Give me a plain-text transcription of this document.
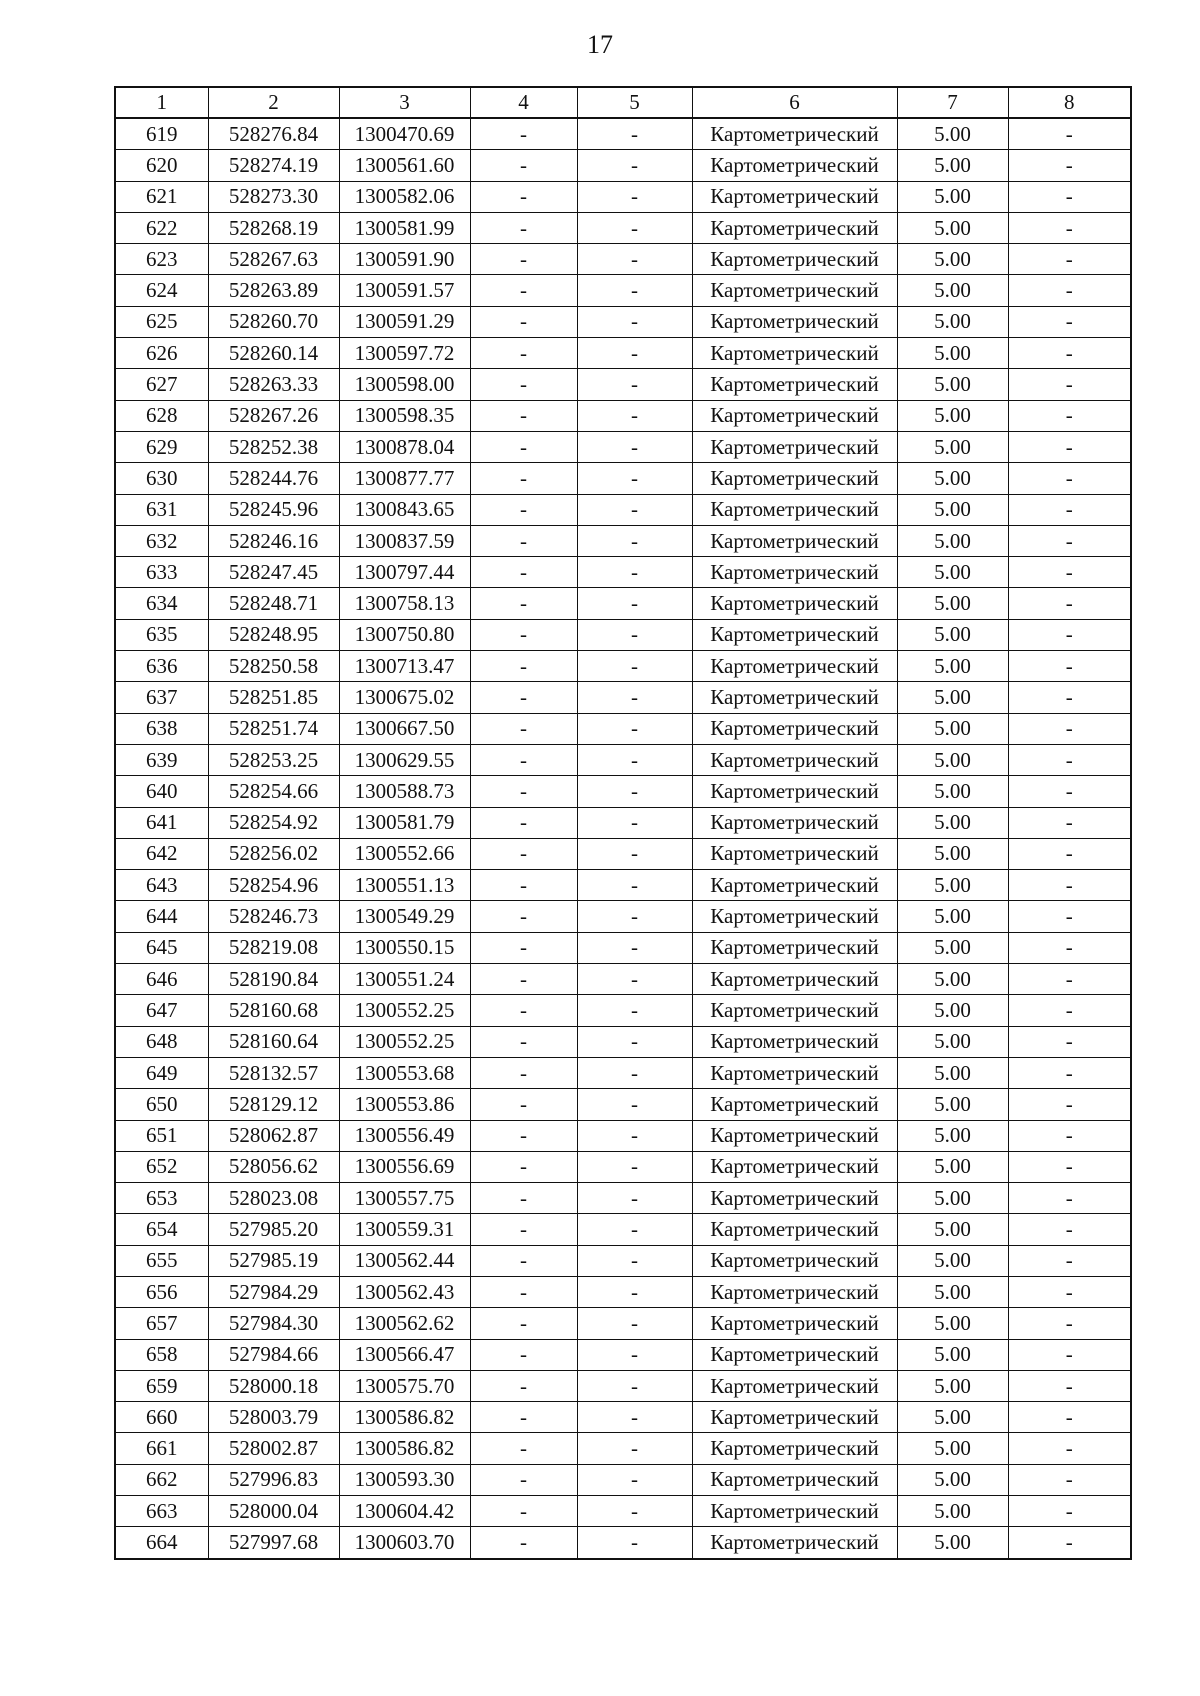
17
1	2	3	4	5	6	7	8
619	528276.84	1300470.69	-	-	Картометрический	5.00	-
620	528274.19	1300561.60	-	-	Картометрический	5.00	-
621	528273.30	1300582.06	-	-	Картометрический	5.00	-
622	528268.19	1300581.99	-	-	Картометрический	5.00	-
623	528267.63	1300591.90	-	-	Картометрический	5.00	-
624	528263.89	1300591.57	-	-	Картометрический	5.00	-
625	528260.70	1300591.29	-	-	Картометрический	5.00	-
626	528260.14	1300597.72	-	-	Картометрический	5.00	-
627	528263.33	1300598.00	-	-	Картометрический	5.00	-
628	528267.26	1300598.35	-	-	Картометрический	5.00	-
629	528252.38	1300878.04	-	-	Картометрический	5.00	-
630	528244.76	1300877.77	-	-	Картометрический	5.00	-
631	528245.96	1300843.65	-	-	Картометрический	5.00	-
632	528246.16	1300837.59	-	-	Картометрический	5.00	-
633	528247.45	1300797.44	-	-	Картометрический	5.00	-
634	528248.71	1300758.13	-	-	Картометрический	5.00	-
635	528248.95	1300750.80	-	-	Картометрический	5.00	-
636	528250.58	1300713.47	-	-	Картометрический	5.00	-
637	528251.85	1300675.02	-	-	Картометрический	5.00	-
638	528251.74	1300667.50	-	-	Картометрический	5.00	-
639	528253.25	1300629.55	-	-	Картометрический	5.00	-
640	528254.66	1300588.73	-	-	Картометрический	5.00	-
641	528254.92	1300581.79	-	-	Картометрический	5.00	-
642	528256.02	1300552.66	-	-	Картометрический	5.00	-
643	528254.96	1300551.13	-	-	Картометрический	5.00	-
644	528246.73	1300549.29	-	-	Картометрический	5.00	-
645	528219.08	1300550.15	-	-	Картометрический	5.00	-
646	528190.84	1300551.24	-	-	Картометрический	5.00	-
647	528160.68	1300552.25	-	-	Картометрический	5.00	-
648	528160.64	1300552.25	-	-	Картометрический	5.00	-
649	528132.57	1300553.68	-	-	Картометрический	5.00	-
650	528129.12	1300553.86	-	-	Картометрический	5.00	-
651	528062.87	1300556.49	-	-	Картометрический	5.00	-
652	528056.62	1300556.69	-	-	Картометрический	5.00	-
653	528023.08	1300557.75	-	-	Картометрический	5.00	-
654	527985.20	1300559.31	-	-	Картометрический	5.00	-
655	527985.19	1300562.44	-	-	Картометрический	5.00	-
656	527984.29	1300562.43	-	-	Картометрический	5.00	-
657	527984.30	1300562.62	-	-	Картометрический	5.00	-
658	527984.66	1300566.47	-	-	Картометрический	5.00	-
659	528000.18	1300575.70	-	-	Картометрический	5.00	-
660	528003.79	1300586.82	-	-	Картометрический	5.00	-
661	528002.87	1300586.82	-	-	Картометрический	5.00	-
662	527996.83	1300593.30	-	-	Картометрический	5.00	-
663	528000.04	1300604.42	-	-	Картометрический	5.00	-
664	527997.68	1300603.70	-	-	Картометрический	5.00	-
